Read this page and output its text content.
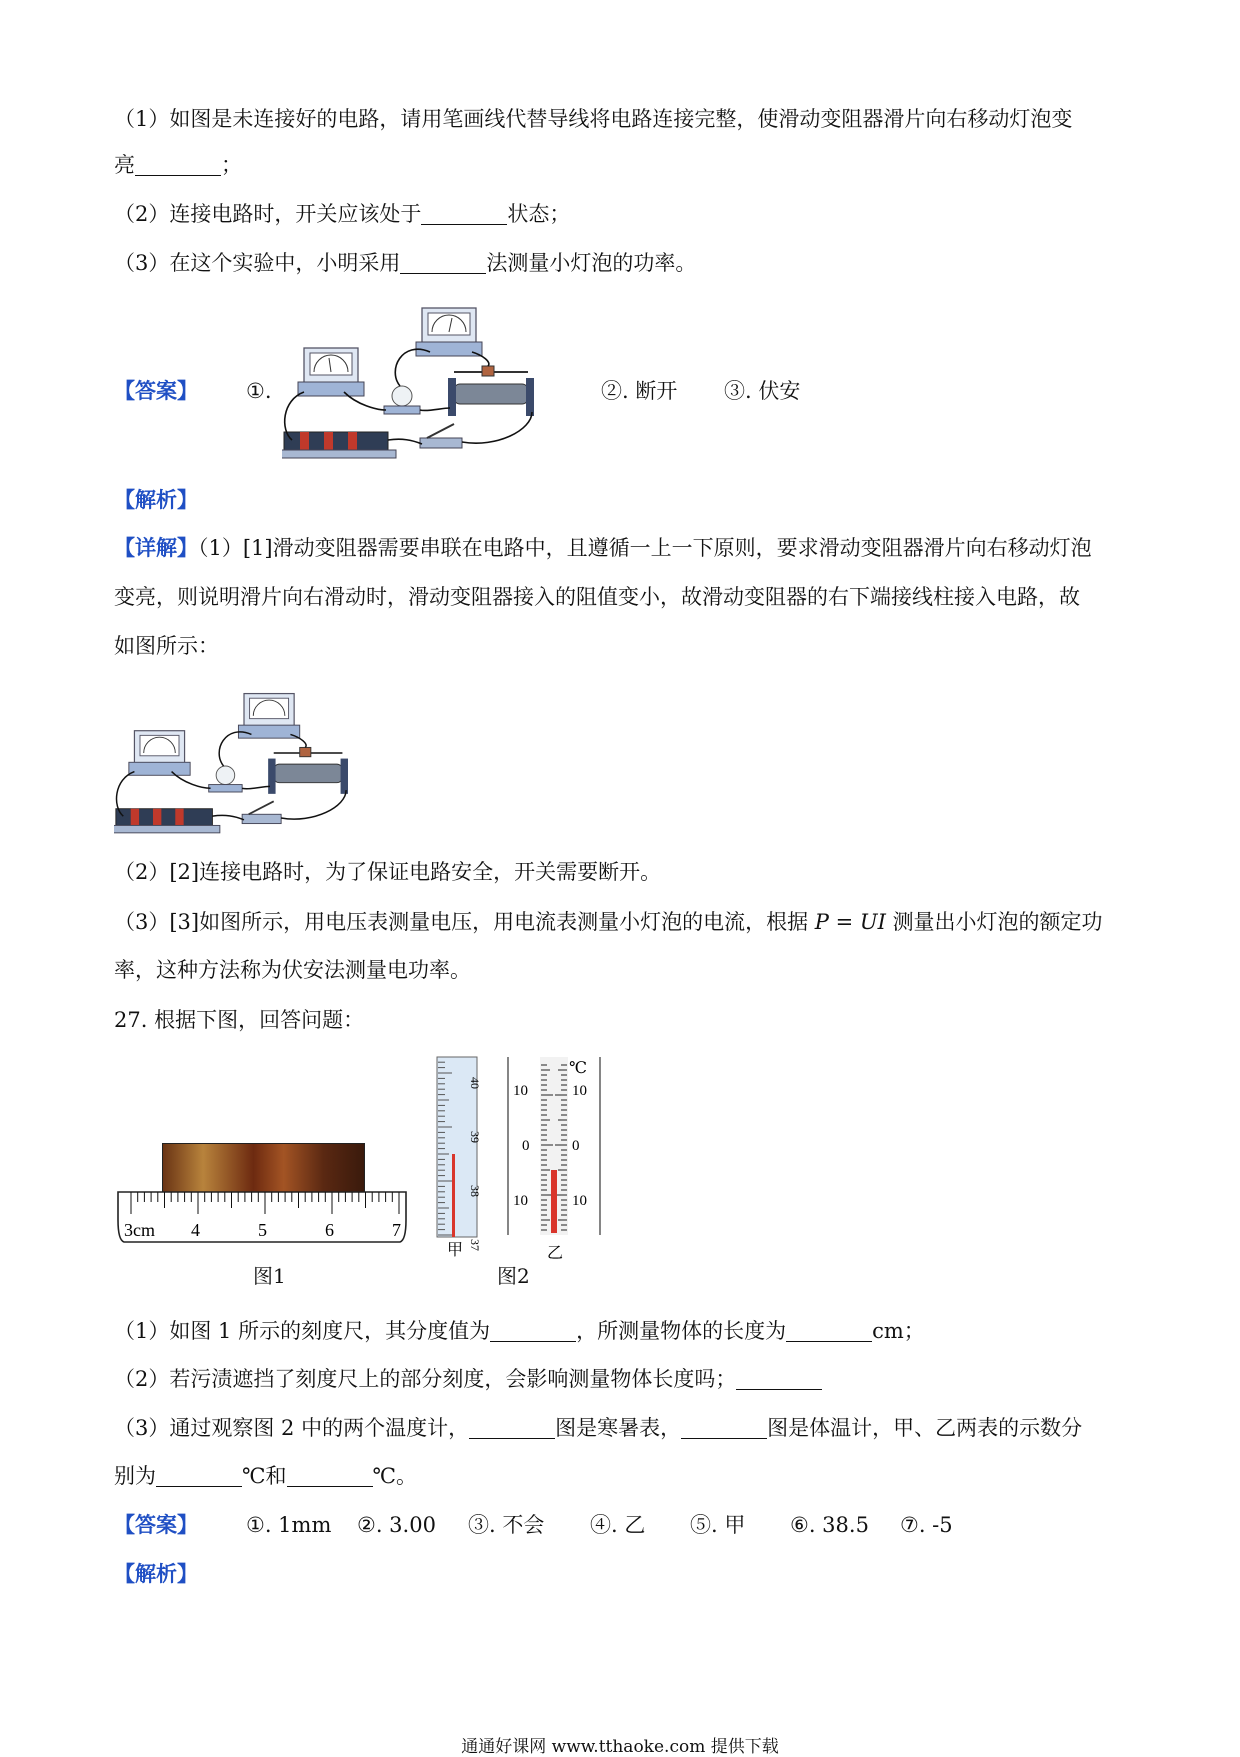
（1）如图是未连接好的电路，请用笔画线代替导线将电路连接完整，使滑动变阻器滑片向右移动灯泡变
亮	；
（2）连接电路时，开关应该处于	状态；
（3）在这个实验中，小明采用	法测量小灯泡的功率。
【答案】 ①.	②. 断开 ③. 伏安
【解析】
【详解】（1）[1]滑动变阻器需要串联在电路中，且遵循一上一下原则，要求滑动变阻器滑片向右移动灯泡
变亮，则说明滑片向右滑动时，滑动变阻器接入的阻值变小，故滑动变阻器的右下端接线柱接入电路，故
如图所示：
（2）[2]连接电路时，为了保证电路安全，开关需要断开。
（3）[3]如图所示，用电压表测量电压，用电流表测量小灯泡的电流，根据 P = UI 测量出小灯泡的额定功
率，这种方法称为伏安法测量电功率。
27. 根据下图，回答问题：
3cm 4	5	6	7
图1
40
39
38
37
甲
℃
10
0
10
10
0
10
乙
图2
（1）如图 1 所示的刻度尺，其分度值为	，所测量物体的长度为	cm；
（2）若污渍遮挡了刻度尺上的部分刻度，会影响测量物体长度吗；
（3）通过观察图 2 中的两个温度计，	图是寒暑表，	图是体温计，甲、乙两表的示数分
别为	℃和	℃。
【答案】 ①. 1mm ②. 3.00 ③. 不会 ④. 乙 ⑤. 甲 ⑥. 38.5 ⑦. -5
【解析】
通通好课网 www.tthaoke.com 提供下载
